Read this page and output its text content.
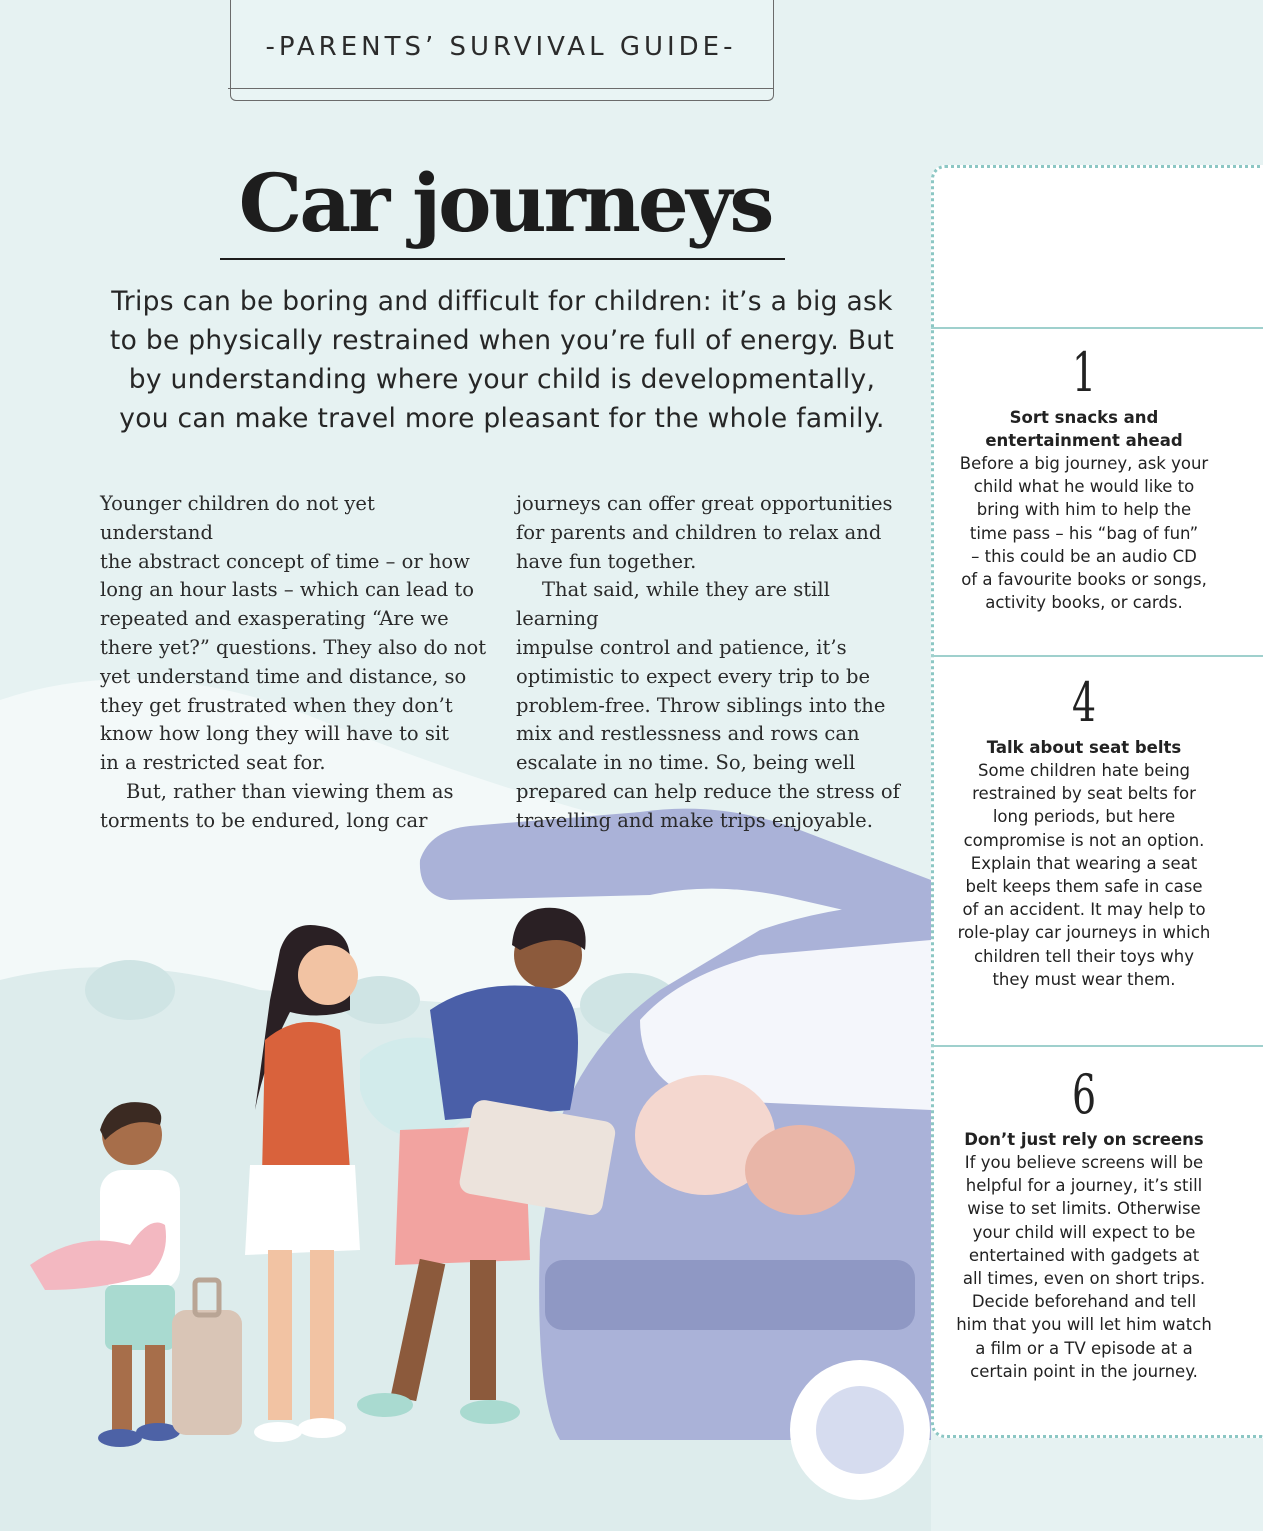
-PARENTS’ SURVIVAL GUIDE-
Car journeys
Trips can be boring and difficult for children: it’s a big ask
to be physically restrained when you’re full of energy. But
by understanding where your child is developmentally,
you can make travel more pleasant for the whole family.

Younger children do not yet understand

the abstract concept of time – or how

long an hour lasts – which can lead to

repeated and exasperating “Are we

there yet?” questions. They also do not

yet understand time and distance, so

they get frustrated when they don’t

know how long they will have to sit

in a restricted seat for.

But, rather than viewing them as

torments to be endured, long car

journeys can offer great opportunities

for parents and children to relax and

have fun together.

That said, while they are still learning

impulse control and patience, it’s

optimistic to expect every trip to be

problem-free. Throw siblings into the

mix and restlessness and rows can

escalate in no time. So, being well

prepared can help reduce the stress of

travelling and make trips enjoyable.

1
Sort snacks and
entertainment ahead
Before a big journey, ask your
child what he would like to
bring with him to help the
time pass – his “bag of fun”
– this could be an audio CD
of a favourite books or songs,
activity books, or cards.
4
Talk about seat belts
Some children hate being
restrained by seat belts for
long periods, but here
compromise is not an option.
Explain that wearing a seat
belt keeps them safe in case
of an accident. It may help to
role-play car journeys in which
children tell their toys why
they must wear them.
6
Don’t just rely on screens
If you believe screens will be
helpful for a journey, it’s still
wise to set limits. Otherwise
your child will expect to be
entertained with gadgets at
all times, even on short trips.
Decide beforehand and tell
him that you will let him watch
a film or a TV episode at a
certain point in the journey.
